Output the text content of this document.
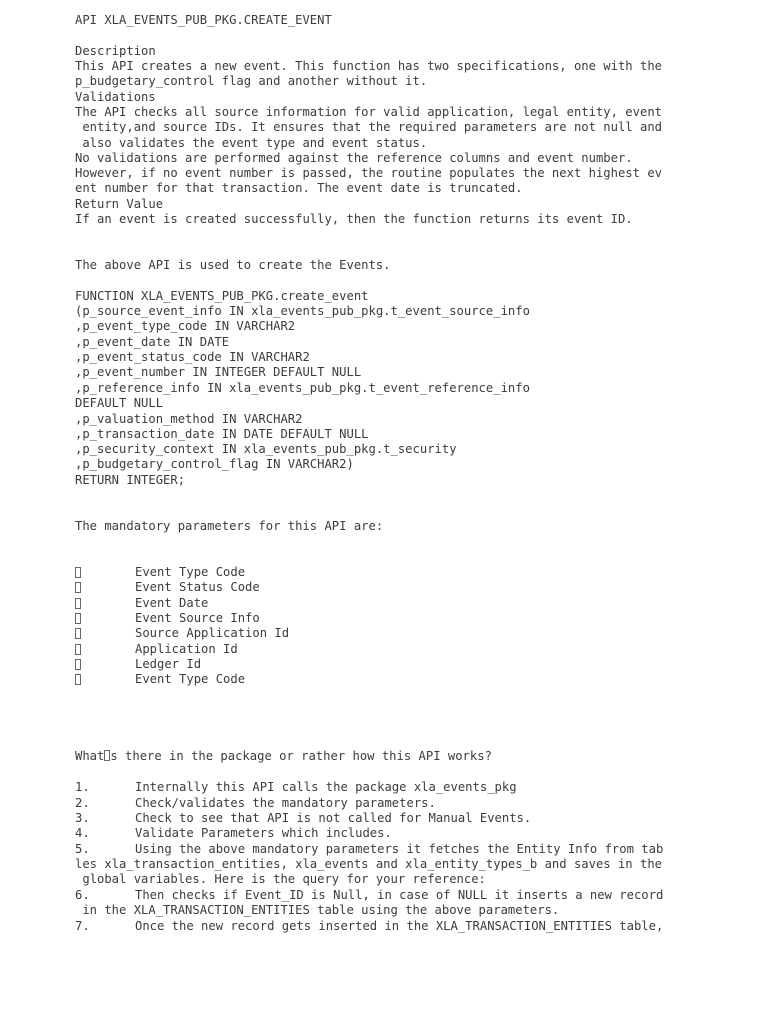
API XLA_EVENTS_PUB_PKG.CREATE_EVENT
Description
This API creates a new event. This function has two specifications, one with the
p_budgetary_control flag and another without it.
Validations
The API checks all source information for valid application, legal entity, event
entity,and source IDs. It ensures that the required parameters are not null and
also validates the event type and event status.
No validations are performed against the reference columns and event number.
However, if no event number is passed, the routine populates the next highest ev
ent number for that transaction. The event date is truncated.
Return Value
If an event is created successfully, then the function returns its event ID.
The above API is used to create the Events.
FUNCTION XLA_EVENTS_PUB_PKG.create_event
(p_source_event_info IN xla_events_pub_pkg.t_event_source_info
,p_event_type_code IN VARCHAR2
,p_event_date IN DATE
,p_event_status_code IN VARCHAR2
,p_event_number IN INTEGER DEFAULT NULL
,p_reference_info IN xla_events_pub_pkg.t_event_reference_info
DEFAULT NULL
,p_valuation_method IN VARCHAR2
,p_transaction_date IN DATE DEFAULT NULL
,p_security_context IN xla_events_pub_pkg.t_security
,p_budgetary_control_flag IN VARCHAR2)
RETURN INTEGER;
The mandatory parameters for this API are:
Event Type Code
Event Status Code
Event Date
Event Source Info
Source Application Id
Application Id
Ledger Id
Event Type Code
What s there in the package or rather how this API works?
1.	Internally this API calls the package xla_events_pkg
2.	Check/validates the mandatory parameters.
3.	Check to see that API is not called for Manual Events.
4.	Validate Parameters which includes.
5.	Using the above mandatory parameters it fetches the Entity Info from tab
les xla_transaction_entities, xla_events and xla_entity_types_b and saves in the
global variables. Here is the query for your reference:
6.	Then checks if Event_ID is Null, in case of NULL it inserts a new record
in the XLA_TRANSACTION_ENTITIES table using the above parameters.
7.	Once the new record gets inserted in the XLA_TRANSACTION_ENTITIES table,
